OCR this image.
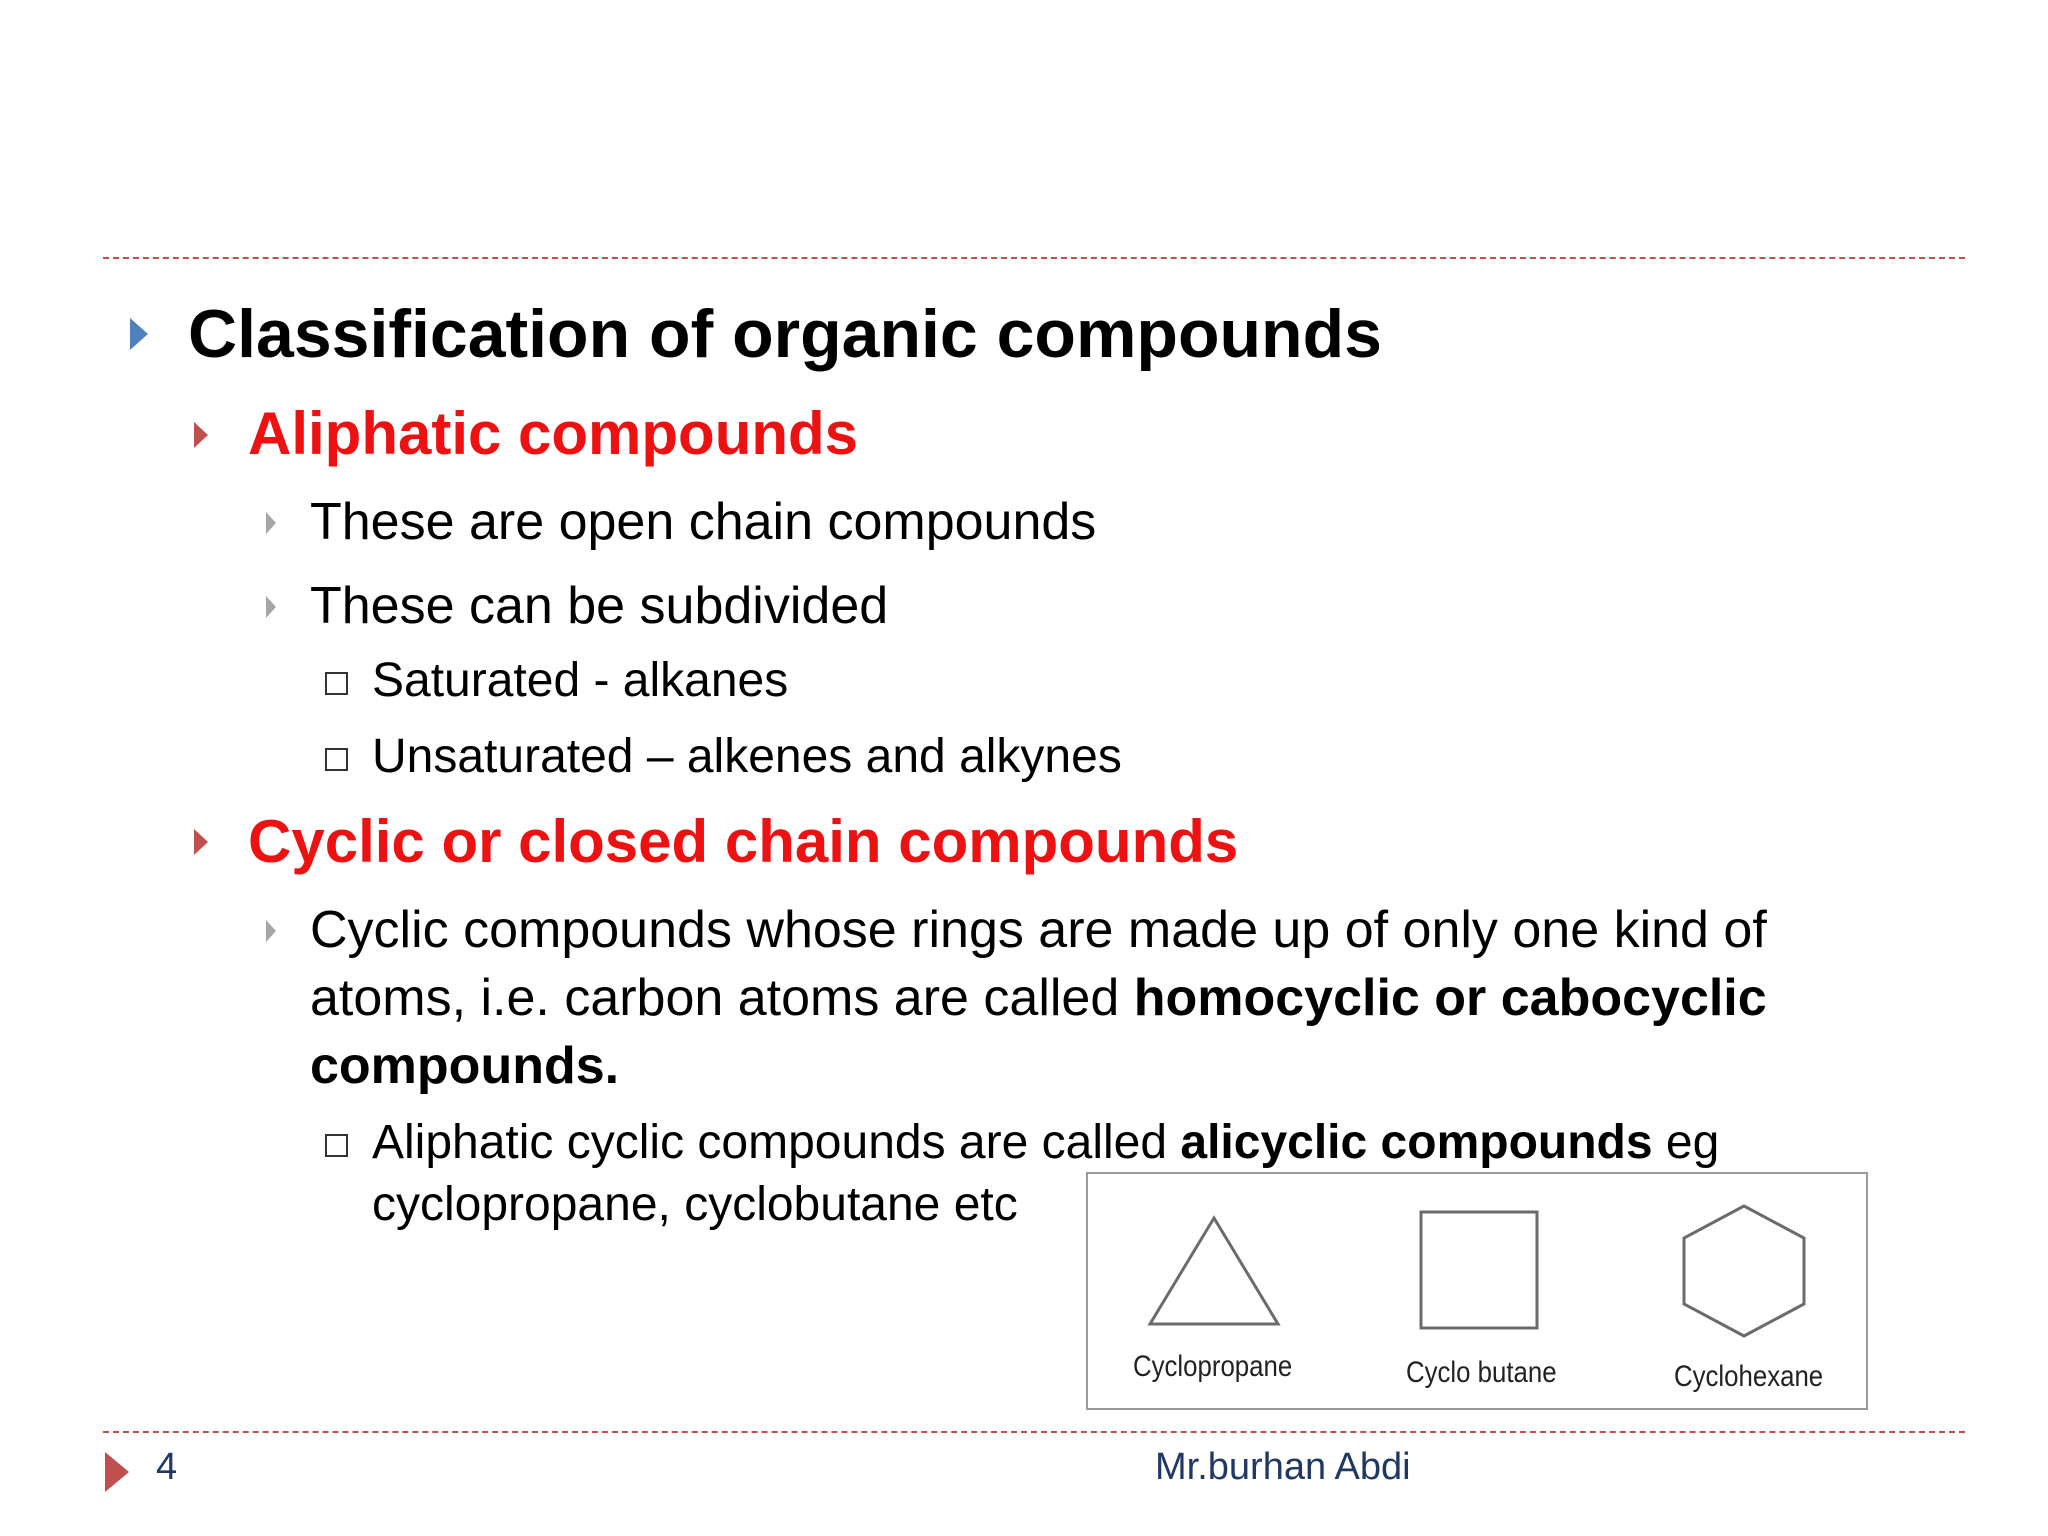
Classification of organic compounds
Aliphatic compounds
These are open chain compounds
These can be subdivided
Saturated - alkanes
Unsaturated – alkenes and alkynes
Cyclic or closed chain compounds
Cyclic compounds whose rings are made up of only one kind of
atoms, i.e. carbon atoms are called homocyclic or cabocyclic
compounds.
Aliphatic cyclic compounds are called alicyclic compounds eg
cyclopropane, cyclobutane etc
Cyclopropane	Cyclo butane	Cyclohexane
4	Mr.burhan Abdi
